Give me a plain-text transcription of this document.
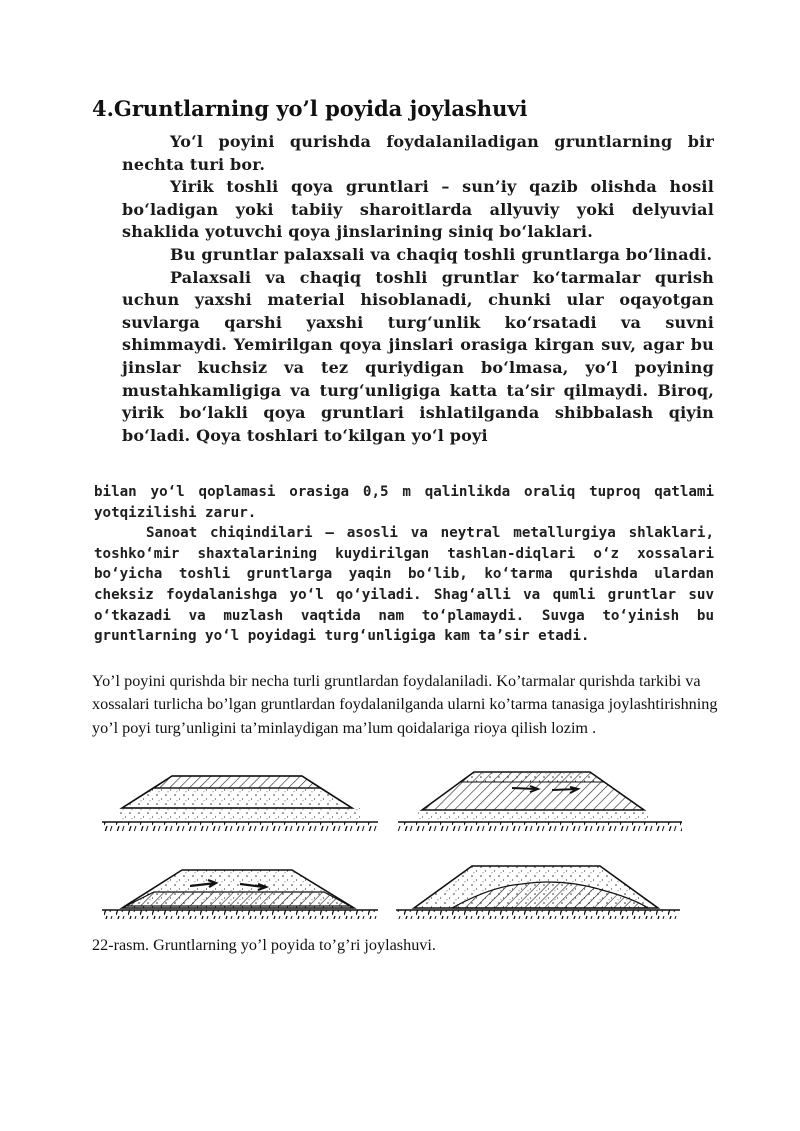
4.Gruntlarning yo’l poyida joylashuvi

Yo‘l poyini qurishda foydalaniladigan gruntlarning bir nechta turi bor.

Yirik toshli qoya gruntlari – sun’iy qazib olishda hosil bo‘ladigan yoki tabiiy sharoitlarda allyuviy yoki delyuvial shaklida yotuvchi qoya jinslarining siniq bo‘laklari.

Bu gruntlar palaxsali va chaqiq toshli gruntlarga bo‘linadi.

Palaxsali va chaqiq toshli gruntlar ko‘tarmalar qurish uchun yaxshi material hisoblanadi, chunki ular oqayotgan suvlarga qarshi yaxshi turg‘unlik ko‘rsatadi va suvni shimmaydi. Yemirilgan qoya jinslari orasiga kirgan suv, agar bu jinslar kuchsiz va tez quriydigan bo‘lmasa, yo‘l poyining mustahkamligiga va turg‘unligiga katta ta’sir qilmaydi. Biroq, yirik bo‘lakli qoya gruntlari ishlatilganda shibbalash qiyin bo‘ladi. Qoya toshlari to‘kilgan yo‘l poyi

bilan yo‘l qoplamasi orasiga 0,5 m qalinlikda oraliq tuproq qatlami yotqizilishi zarur.

Sanoat chiqindilari – asosli va neytral metallurgiya shlaklari, toshko‘mir shaxtalarining kuydirilgan tashlan-diqlari o‘z xossalari bo‘yicha toshli gruntlarga yaqin bo‘lib, ko‘tarma qurishda ulardan cheksiz foydalanishga yo‘l qo‘yiladi. Shag‘alli va qumli gruntlar suv o‘tkazadi va muzlash vaqtida nam to‘plamaydi. Suvga to‘yinish bu gruntlarning yo‘l poyidagi turg‘unligiga kam ta’sir etadi.

Yo’l poyini qurishda bir necha turli gruntlardan foydalaniladi. Ko’tarmalar qurishda tarkibi va xossalari turlicha bo’lgan gruntlardan foydalanilganda ularni ko’tarma tanasiga joylashtirishning yo’l poyi turg’unligini ta’minlaydigan ma’lum qoidalariga rioya qilish lozim .

22-rasm. Gruntlarning yo’l poyida to’g’ri joylashuvi.
